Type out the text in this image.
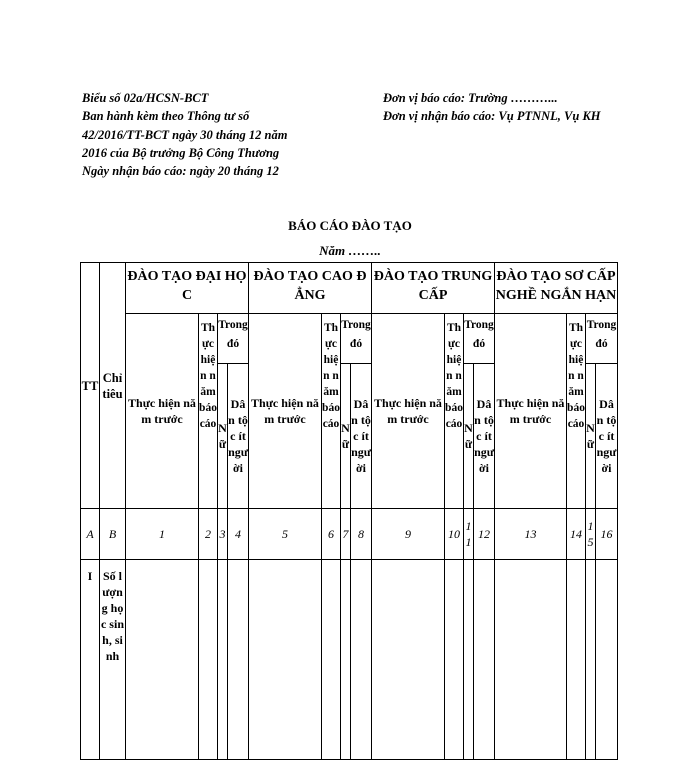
Biểu số 02a/HCSN-BCT
Ban hành kèm theo Thông tư số
42/2016/TT-BCT ngày 30 tháng 12 năm
2016 của Bộ trưởng Bộ Công Thương
Ngày nhận báo cáo: ngày 20 tháng 12
Đơn vị báo cáo: Trường ………...
Đơn vị nhận báo cáo: Vụ PTNNL, Vụ KH
BÁO CÁO ĐÀO TẠO
Năm ……..
TT	Chỉ tiêu	ĐÀO TẠO ĐẠI HỌC				ĐÀO TẠO CAO ĐẲNG				ĐÀO TẠO TRUNG CẤP				ĐÀO TẠO SƠ CẤP NGHỀ NGẮN HẠN			
		Thực hiện năm trước	Thực hiện năm báo cáo	Trong đó		Thực hiện năm trước	Thực hiện năm báo cáo	Trong đó		Thực hiện năm trước	Thực hiện năm báo cáo	Trong đó		Thực hiện năm trước	Thực hiện năm báo cáo	Trong đó	
				Nữ	Dân tộc ít người			Nữ	Dân tộc ít người			Nữ	Dân tộc ít người			Nữ	Dân tộc ít người
A	B	1	2	3	4	5	6	7	8	9	10	11	12	13	14	15	16
I	Số lượng học sinh, sinh																
